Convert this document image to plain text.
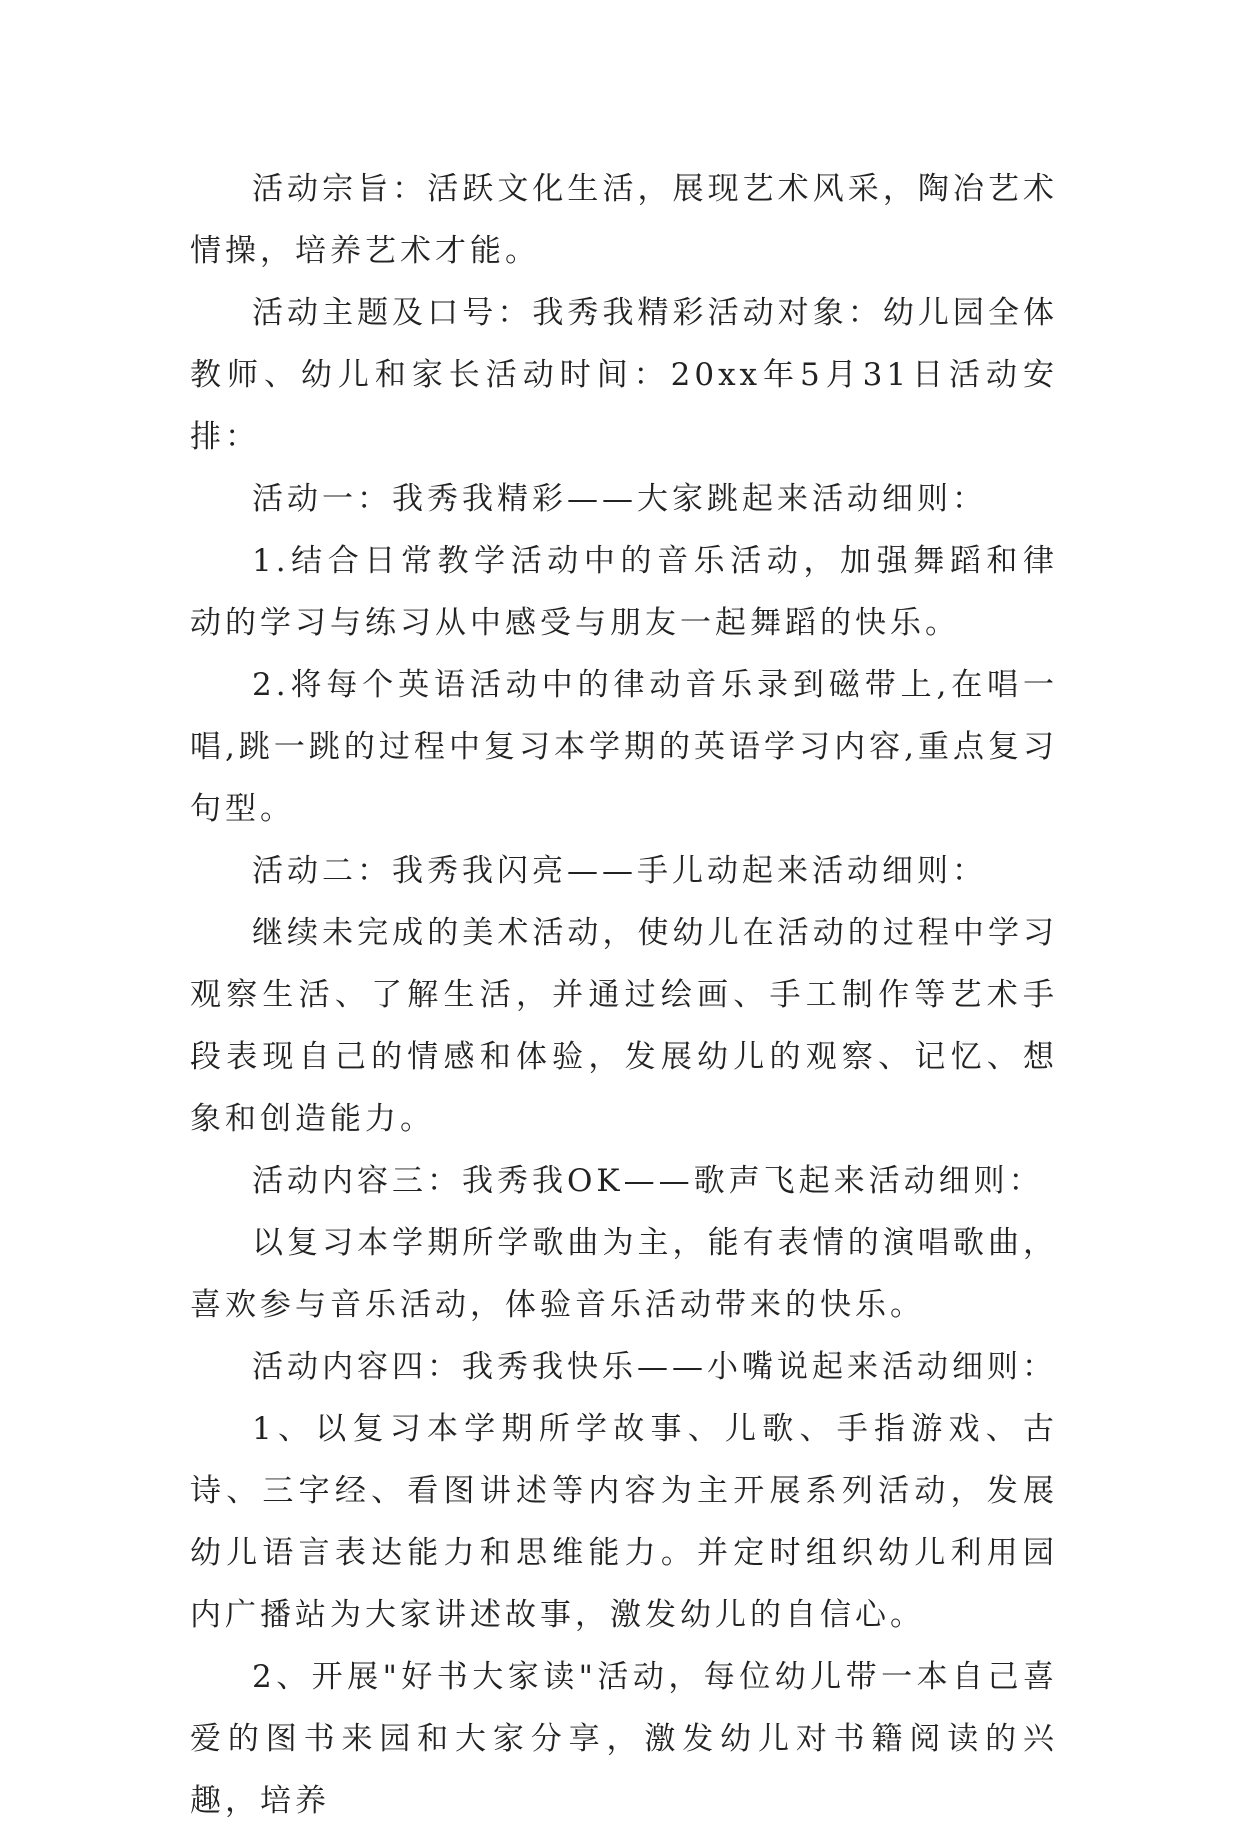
活动宗旨：活跃文化生活，展现艺术风采，陶冶艺术情操，培养艺术才能。

活动主题及口号：我秀我精彩活动对象：幼儿园全体教师、幼儿和家长活动时间：20xx年5月31日活动安排：

活动一：我秀我精彩——大家跳起来活动细则：

1.结合日常教学活动中的音乐活动，加强舞蹈和律动的学习与练习从中感受与朋友一起舞蹈的快乐。

2.将每个英语活动中的律动音乐录到磁带上,在唱一唱,跳一跳的过程中复习本学期的英语学习内容,重点复习句型。

活动二：我秀我闪亮——手儿动起来活动细则：

继续未完成的美术活动，使幼儿在活动的过程中学习观察生活、了解生活，并通过绘画、手工制作等艺术手段表现自己的情感和体验，发展幼儿的观察、记忆、想象和创造能力。

活动内容三：我秀我OK——歌声飞起来活动细则：

以复习本学期所学歌曲为主，能有表情的演唱歌曲，喜欢参与音乐活动，体验音乐活动带来的快乐。

活动内容四：我秀我快乐——小嘴说起来活动细则：

1、以复习本学期所学故事、儿歌、手指游戏、古诗、三字经、看图讲述等内容为主开展系列活动，发展幼儿语言表达能力和思维能力。并定时组织幼儿利用园内广播站为大家讲述故事，激发幼儿的自信心。

2、开展"好书大家读"活动，每位幼儿带一本自己喜爱的图书来园和大家分享，激发幼儿对书籍阅读的兴趣，培养
